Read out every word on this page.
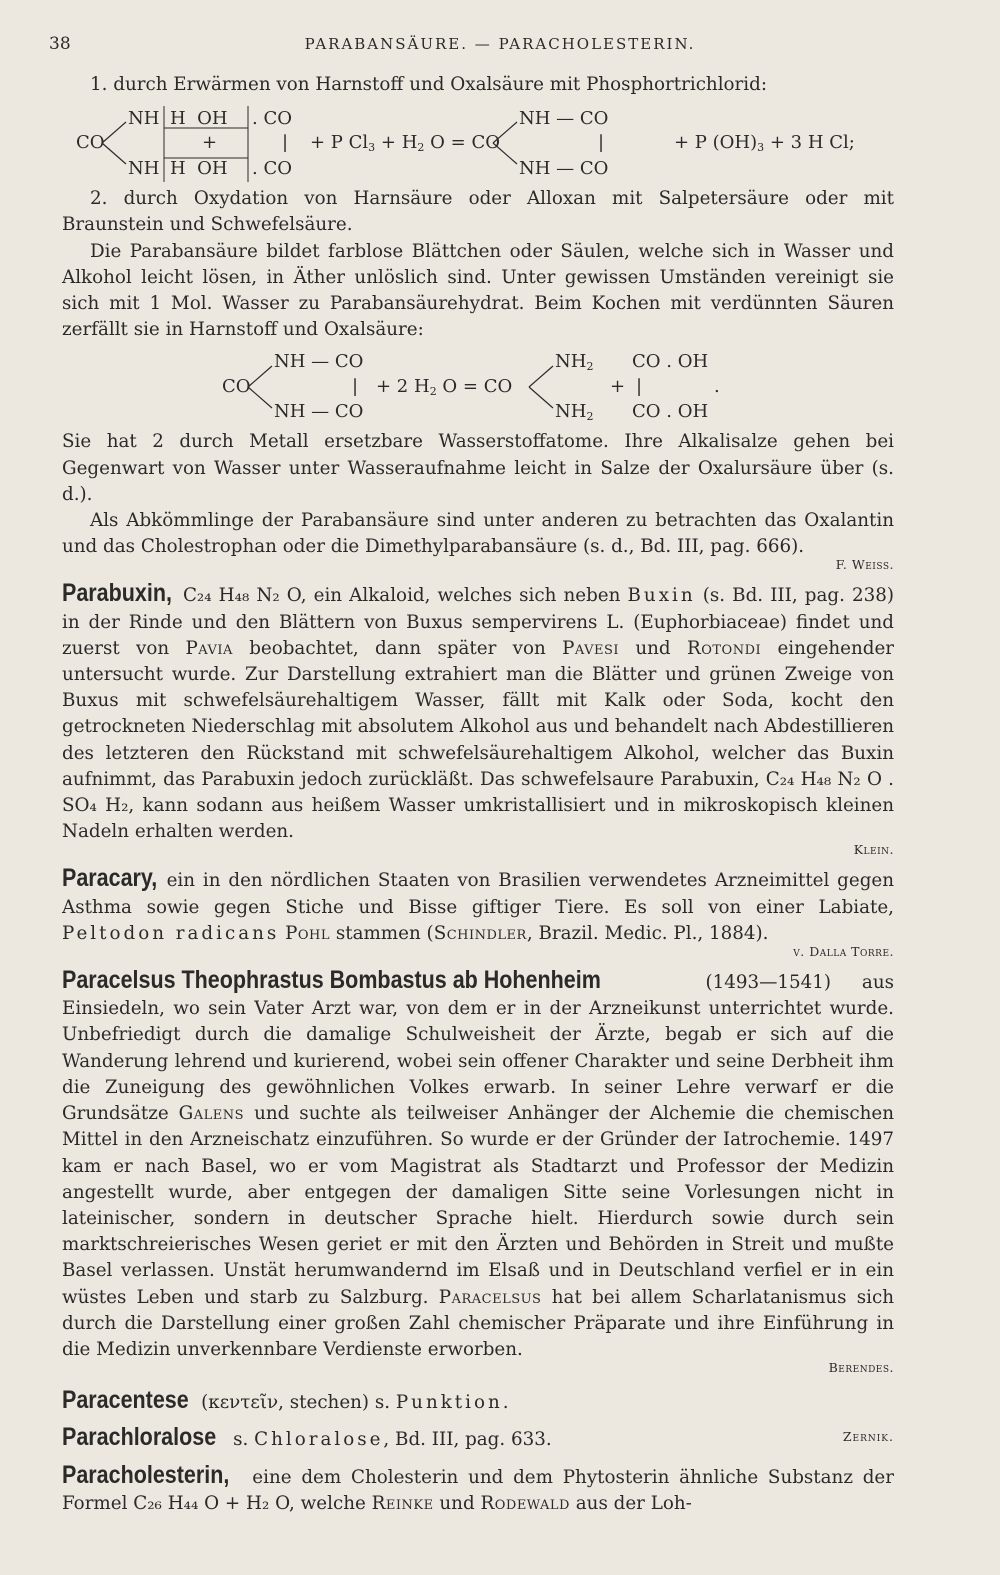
38	PARABANSÄURE. — PARACHOLESTERIN.

1. durch Erwärmen von Harnstoff und Oxalsäure mit Phosphortrichlorid:

CO
NH H  OH . CO
+	|
NH H  OH . CO
+ P $Cl_3 + H_2$ O = CO
NH — CO
|
NH — CO
+ P $(OH)_3 + 3$ H Cl;

2. durch Oxydation von Harnsäure oder Alloxan mit Salpetersäure oder mit Braunstein und Schwefelsäure.

Die Parabansäure bildet farblose Blättchen oder Säulen, welche sich in Wasser und Alkohol leicht lösen, in Äther unlöslich sind. Unter gewissen Umständen vereinigt sie sich mit 1 Mol. Wasser zu Parabansäurehydrat. Beim Kochen mit verdünnten Säuren zerfällt sie in Harnstoff und Oxalsäure:

CO
NH — CO
|
NH — CO
+ 2 $H_2$ O = CO
$NH_2$
$NH_2$
+
CO . OH
|
CO . OH
.

Sie hat 2 durch Metall ersetzbare Wasserstoffatome. Ihre Alkalisalze gehen bei Gegenwart von Wasser unter Wasseraufnahme leicht in Salze der Oxalursäure über (s. d.).

Als Abkömmlinge der Parabansäure sind unter anderen zu betrachten das Oxalantin und das Cholestrophan oder die Dimethylparabansäure (s. d., Bd. III, pag. 666).

F. Weiss.

Parabuxin, C₂₄ H₄₈ N₂ O, ein Alkaloid, welches sich neben Buxin (s. Bd. III, pag. 238) in der Rinde und den Blättern von Buxus sempervirens L. (Euphorbiaceae) findet und zuerst von Pavia beobachtet, dann später von Pavesi und Rotondi eingehender untersucht wurde. Zur Darstellung extrahiert man die Blätter und grünen Zweige von Buxus mit schwefelsäurehaltigem Wasser, fällt mit Kalk oder Soda, kocht den getrockneten Niederschlag mit absolutem Alkohol aus und behandelt nach Abdestillieren des letzteren den Rückstand mit schwefelsäurehaltigem Alkohol, welcher das Buxin aufnimmt, das Parabuxin jedoch zurückläßt. Das schwefelsaure Parabuxin, C₂₄ H₄₈ N₂ O . SO₄ H₂, kann sodann aus heißem Wasser umkristallisiert und in mikroskopisch kleinen Nadeln erhalten werden.

Klein.

Paracary, ein in den nördlichen Staaten von Brasilien verwendetes Arzneimittel gegen Asthma sowie gegen Stiche und Bisse giftiger Tiere. Es soll von einer Labiate, Peltodon radicans Pohl stammen (Schindler, Brazil. Medic. Pl., 1884).

v. Dalla Torre.

Paracelsus Theophrastus Bombastus ab Hohenheim	(1493—1541) aus Einsiedeln, wo sein Vater Arzt war, von dem er in der Arzneikunst unterrichtet wurde. Unbefriedigt durch die damalige Schulweisheit der Ärzte, begab er sich auf die Wanderung lehrend und kurierend, wobei sein offener Charakter und seine Derbheit ihm die Zuneigung des gewöhnlichen Volkes erwarb. In seiner Lehre verwarf er die Grundsätze Galens und suchte als teilweiser Anhänger der Alchemie die chemischen Mittel in den Arzneischatz einzuführen. So wurde er der Gründer der Iatrochemie. 1497 kam er nach Basel, wo er vom Magistrat als Stadtarzt und Professor der Medizin angestellt wurde, aber entgegen der damaligen Sitte seine Vorlesungen nicht in lateinischer, sondern in deutscher Sprache hielt. Hierdurch sowie durch sein marktschreierisches Wesen geriet er mit den Ärzten und Behörden in Streit und mußte Basel verlassen. Unstät herumwandernd im Elsaß und in Deutschland verfiel er in ein wüstes Leben und starb zu Salzburg. Paracelsus hat bei allem Scharlatanismus sich durch die Darstellung einer großen Zahl chemischer Präparate und ihre Einführung in die Medizin unverkennbare Verdienste erworben.

Berendes.

Paracentese (κεντεῖν, stechen) s. Punktion.

Parachloralose s. Chloralose, Bd. III, pag. 633.	Zernik.

Paracholesterin, eine dem Cholesterin und dem Phytosterin ähnliche Substanz der Formel C₂₆ H₄₄ O + H₂ O, welche Reinke und Rodewald aus der Loh-
